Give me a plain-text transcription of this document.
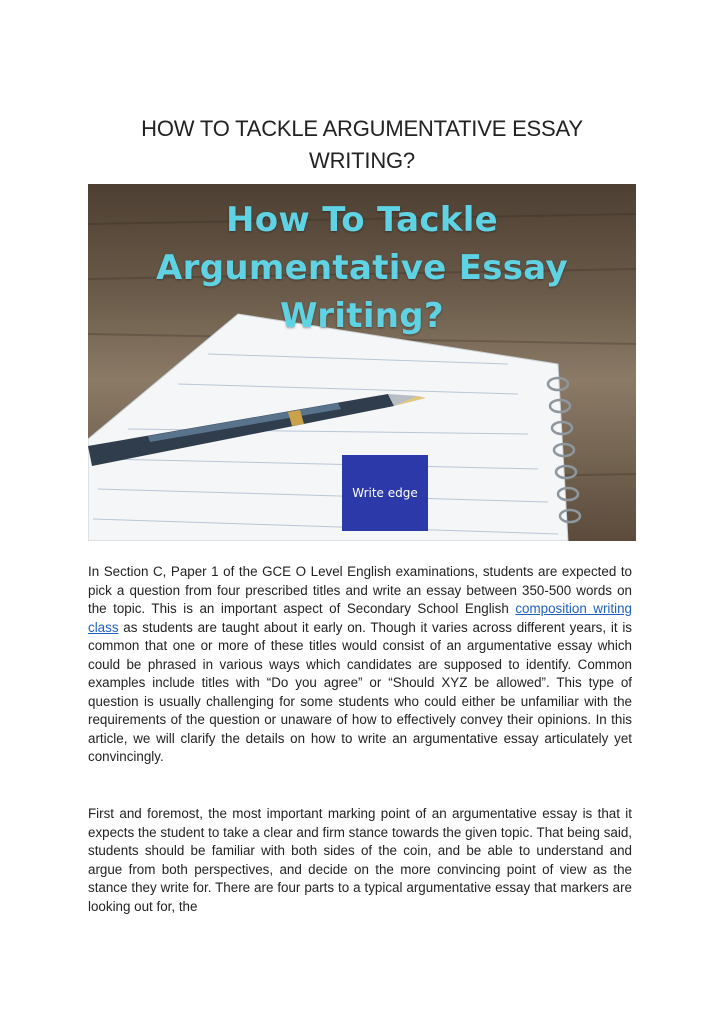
HOW TO TACKLE ARGUMENTATIVE ESSAY WRITING?
How To Tackle
Argumentative Essay
Writing?
Write edge

In Section C, Paper 1 of the GCE O Level English examinations, students are expected to pick a question from four prescribed titles and write an essay between 350-500 words on the topic. This is an important aspect of Secondary School English composition writing class as students are taught about it early on. Though it varies across different years, it is common that one or more of these titles would consist of an argumentative essay which could be phrased in various ways which candidates are supposed to identify. Common examples include titles with “Do you agree” or “Should XYZ be allowed”. This type of question is usually challenging for some students who could either be unfamiliar with the requirements of the question or unaware of how to effectively convey their opinions. In this article, we will clarify the details on how to write an argumentative essay articulately yet convincingly.

First and foremost, the most important marking point of an argumentative essay is that it expects the student to take a clear and firm stance towards the given topic. That being said, students should be familiar with both sides of the coin, and be able to understand and argue from both perspectives, and decide on the more convincing point of view as the stance they write for. There are four parts to a typical argumentative essay that markers are looking out for, the
